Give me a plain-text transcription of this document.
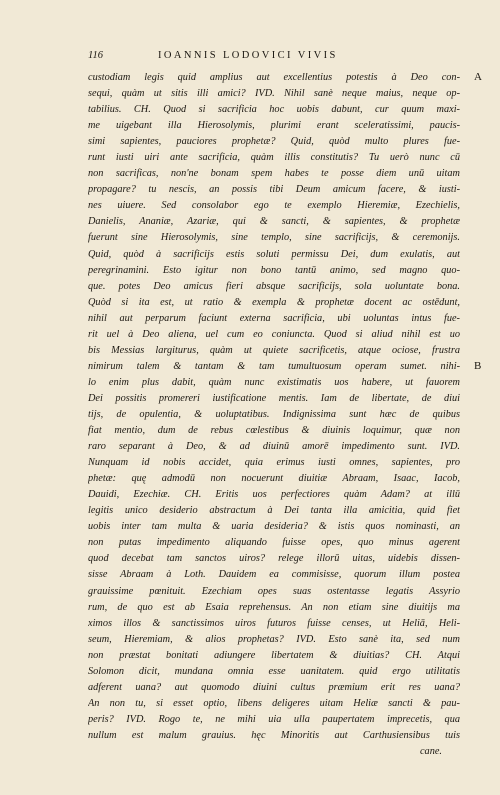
116	IOANNIS LODOVICI VIVIS
A
B
custodiam legis quid amplius aut excellentius potestis à Deo con-
sequi, quàm ut sitis illi amici? IVD. Nihil sanè neque maius, neque op-
tabilius. CH. Quod si sacrificia hoc uobis dabunt, cur quum maxi-
me uigebant illa Hierosolymis, plurimi erant sceleratissimi, paucis-
simi sapientes, pauciores prophetæ? Quid, quòd multo plures fue-
runt iusti uiri ante sacrificia, quàm illis constitutis? Tu uerò nunc cū
non sacrificas, non'ne bonam spem habes te posse diem unū uitam
propagare? tu nescis, an possis tibi Deum amicum facere, & iusti-
nes uiuere. Sed consolabor ego te exemplo Hieremiæ, Ezechielis,
Danielis, Ananiæ, Azariæ, qui & sancti, & sapientes, & prophetæ
fuerunt sine Hierosolymis, sine templo, sine sacrificijs, & ceremonijs.
Quid, quòd à sacrificijs estis soluti permissu Dei, dum exulatis, aut
peregrinamini. Esto igitur non bono tantū animo, sed magno quo-
que. potes Deo amicus fieri absque sacrificijs, sola uoluntate bona.
Quòd si ita est, ut ratio & exempla & prophetæ docent ac ostēdunt,
nihil aut perparum faciunt externa sacrificia, ubi uoluntas intus fue-
rit uel à Deo aliena, uel cum eo coniuncta. Quod si aliud nihil est uo
bis Messias largiturus, quàm ut quiete sacrificetis, atque ociose, frustra
nimirum talem & tantam & tam tumultuosum operam sumet. nihi-
lo enim plus dabit, quàm nunc existimatis uos habere, ut fauorem
Dei possitis promereri iustificatione mentis. Iam de libertate, de diui
tijs, de opulentia, & uoluptatibus. Indignissima sunt hæc de quibus
fiat mentio, dum de rebus cœlestibus & diuinis loquimur, quæ non
raro separant à Deo, & ad diuinū amorē impedimento sunt. IVD.
Nunquam id nobis accidet, quia erimus iusti omnes, sapientes, pro
phetæ: quę admodū non nocuerunt diuitiæ Abraam, Isaac, Iacob,
Dauidi, Ezechiæ. CH. Eritis uos perfectiores quàm Adam? at illū
legitis unico desiderio abstractum à Dei tanta illa amicitia, quid fiet
uobis inter tam multa & uaria desideria? & istis quos nominasti, an
non putas impedimento aliquando fuisse opes, quo minus agerent
quod decebat tam sanctos uiros? relege illorū uitas, uidebis dissen-
sisse Abraam à Loth. Dauidem ea commisisse, quorum illum postea
grauissime pœnituit. Ezechiam opes suas ostentasse legatis Assyrio
rum, de quo est ab Esaia reprehensus. An non etiam sine diuitijs ma
ximos illos & sanctissimos uiros futuros fuisse censes, ut Heliā, Heli-
seum, Hieremiam, & alios prophetas? IVD. Esto sanè ita, sed num
non præstat bonitati adiungere libertatem & diuitias? CH. Atqui
Solomon dicit, mundana omnia esse uanitatem. quid ergo utilitatis
adferent uana? aut quomodo diuini cultus præmium erit res uana?
An non tu, si esset optio, libens deligeres uitam Heliæ sancti & pau-
peris? IVD. Rogo te, ne mihi uia ulla paupertatem imprecetis, qua
nullum est malum grauius. hęc Minoritis aut Carthusiensibus tuis
cane.
